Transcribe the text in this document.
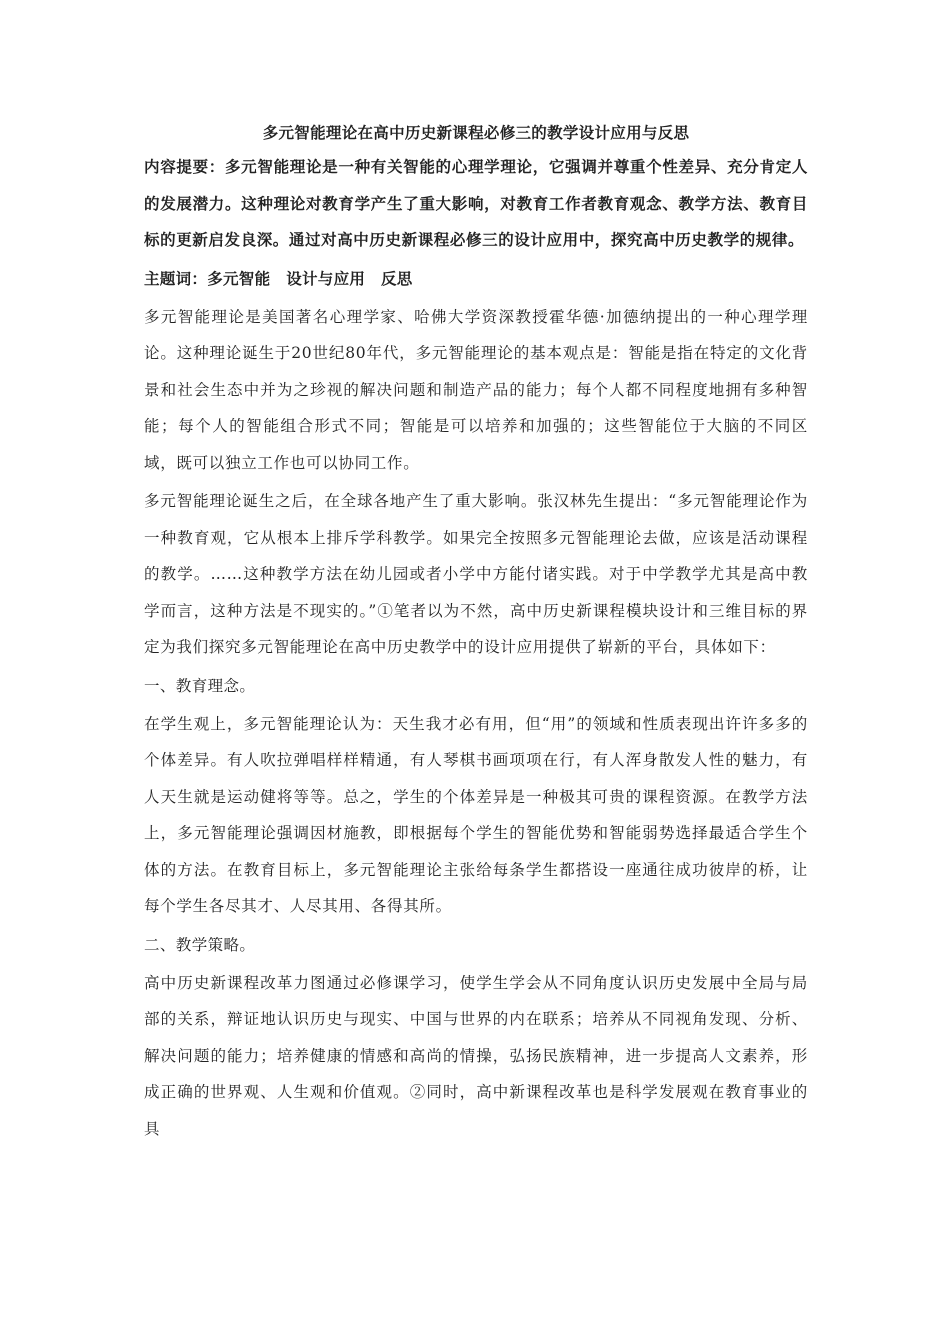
多元智能理论在高中历史新课程必修三的教学设计应用与反思

内容提要：多元智能理论是一种有关智能的心理学理论，它强调并尊重个性差异、充分肯定人的发展潜力。这种理论对教育学产生了重大影响，对教育工作者教育观念、教学方法、教育目标的更新启发良深。通过对高中历史新课程必修三的设计应用中，探究高中历史教学的规律。

主题词：多元智能　设计与应用　反思

多元智能理论是美国著名心理学家、哈佛大学资深教授霍华德·加德纳提出的一种心理学理论。这种理论诞生于20世纪80年代，多元智能理论的基本观点是：智能是指在特定的文化背景和社会生态中并为之珍视的解决问题和制造产品的能力；每个人都不同程度地拥有多种智能；每个人的智能组合形式不同；智能是可以培养和加强的；这些智能位于大脑的不同区域，既可以独立工作也可以协同工作。

多元智能理论诞生之后，在全球各地产生了重大影响。张汉林先生提出：“多元智能理论作为一种教育观，它从根本上排斥学科教学。如果完全按照多元智能理论去做，应该是活动课程的教学。……这种教学方法在幼儿园或者小学中方能付诸实践。对于中学教学尤其是高中教学而言，这种方法是不现实的。”①笔者以为不然，高中历史新课程模块设计和三维目标的界定为我们探究多元智能理论在高中历史教学中的设计应用提供了崭新的平台，具体如下：

一、教育理念。

在学生观上，多元智能理论认为：天生我才必有用，但“用”的领域和性质表现出许许多多的个体差异。有人吹拉弹唱样样精通，有人琴棋书画项项在行，有人浑身散发人性的魅力，有人天生就是运动健将等等。总之，学生的个体差异是一种极其可贵的课程资源。在教学方法上，多元智能理论强调因材施教，即根据每个学生的智能优势和智能弱势选择最适合学生个体的方法。在教育目标上，多元智能理论主张给每条学生都搭设一座通往成功彼岸的桥，让每个学生各尽其才、人尽其用、各得其所。

二、教学策略。

高中历史新课程改革力图通过必修课学习，使学生学会从不同角度认识历史发展中全局与局部的关系，辩证地认识历史与现实、中国与世界的内在联系；培养从不同视角发现、分析、解决问题的能力；培养健康的情感和高尚的情操，弘扬民族精神，进一步提高人文素养，形成正确的世界观、人生观和价值观。②同时，高中新课程改革也是科学发展观在教育事业的具
